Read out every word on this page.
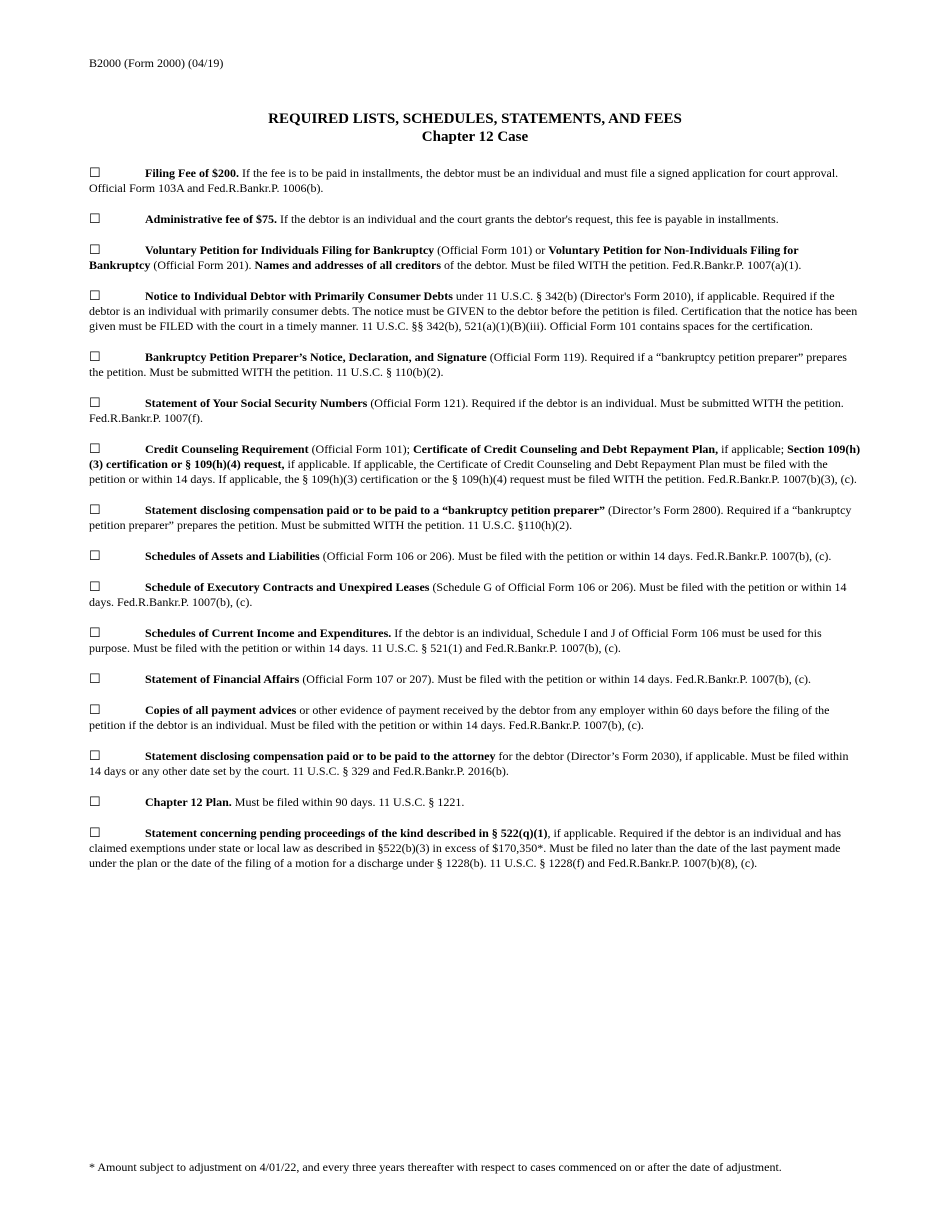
B2000 (Form 2000) (04/19)
REQUIRED LISTS, SCHEDULES, STATEMENTS, AND FEES
Chapter 12 Case
☐	Filing Fee of $200. If the fee is to be paid in installments, the debtor must be an individual and must file a signed application for court approval. Official Form 103A and Fed.R.Bankr.P. 1006(b).
☐	Administrative fee of $75. If the debtor is an individual and the court grants the debtor's request, this fee is payable in installments.
☐	Voluntary Petition for Individuals Filing for Bankruptcy (Official Form 101) or Voluntary Petition for Non-Individuals Filing for Bankruptcy (Official Form 201). Names and addresses of all creditors of the debtor. Must be filed WITH the petition. Fed.R.Bankr.P. 1007(a)(1).
☐	Notice to Individual Debtor with Primarily Consumer Debts under 11 U.S.C. § 342(b) (Director's Form 2010), if applicable. Required if the debtor is an individual with primarily consumer debts. The notice must be GIVEN to the debtor before the petition is filed. Certification that the notice has been given must be FILED with the court in a timely manner. 11 U.S.C. §§ 342(b), 521(a)(1)(B)(iii). Official Form 101 contains spaces for the certification.
☐	Bankruptcy Petition Preparer’s Notice, Declaration, and Signature (Official Form 119). Required if a “bankruptcy petition preparer” prepares the petition. Must be submitted WITH the petition. 11 U.S.C. § 110(b)(2).
☐	Statement of Your Social Security Numbers (Official Form 121). Required if the debtor is an individual. Must be submitted WITH the petition. Fed.R.Bankr.P. 1007(f).
☐	Credit Counseling Requirement (Official Form 101); Certificate of Credit Counseling and Debt Repayment Plan, if applicable; Section 109(h)(3) certification or § 109(h)(4) request, if applicable. If applicable, the Certificate of Credit Counseling and Debt Repayment Plan must be filed with the petition or within 14 days. If applicable, the § 109(h)(3) certification or the § 109(h)(4) request must be filed WITH the petition. Fed.R.Bankr.P. 1007(b)(3), (c).
☐	Statement disclosing compensation paid or to be paid to a “bankruptcy petition preparer” (Director’s Form 2800). Required if a “bankruptcy petition preparer” prepares the petition. Must be submitted WITH the petition. 11 U.S.C. §110(h)(2).
☐	Schedules of Assets and Liabilities (Official Form 106 or 206). Must be filed with the petition or within 14 days. Fed.R.Bankr.P. 1007(b), (c).
☐	Schedule of Executory Contracts and Unexpired Leases (Schedule G of Official Form 106 or 206). Must be filed with the petition or within 14 days. Fed.R.Bankr.P. 1007(b), (c).
☐	Schedules of Current Income and Expenditures. If the debtor is an individual, Schedule I and J of Official Form 106 must be used for this purpose. Must be filed with the petition or within 14 days. 11 U.S.C. § 521(1) and Fed.R.Bankr.P. 1007(b), (c).
☐	Statement of Financial Affairs (Official Form 107 or 207). Must be filed with the petition or within 14 days. Fed.R.Bankr.P. 1007(b), (c).
☐	Copies of all payment advices or other evidence of payment received by the debtor from any employer within 60 days before the filing of the petition if the debtor is an individual. Must be filed with the petition or within 14 days. Fed.R.Bankr.P. 1007(b), (c).
☐	Statement disclosing compensation paid or to be paid to the attorney for the debtor (Director’s Form 2030), if applicable. Must be filed within 14 days or any other date set by the court. 11 U.S.C. § 329 and Fed.R.Bankr.P. 2016(b).
☐	Chapter 12 Plan. Must be filed within 90 days. 11 U.S.C. § 1221.
☐	Statement concerning pending proceedings of the kind described in § 522(q)(1), if applicable. Required if the debtor is an individual and has claimed exemptions under state or local law as described in §522(b)(3) in excess of $170,350*. Must be filed no later than the date of the last payment made under the plan or the date of the filing of a motion for a discharge under § 1228(b). 11 U.S.C. § 1228(f) and Fed.R.Bankr.P. 1007(b)(8), (c).
* Amount subject to adjustment on 4/01/22, and every three years thereafter with respect to cases commenced on or after the date of adjustment.
